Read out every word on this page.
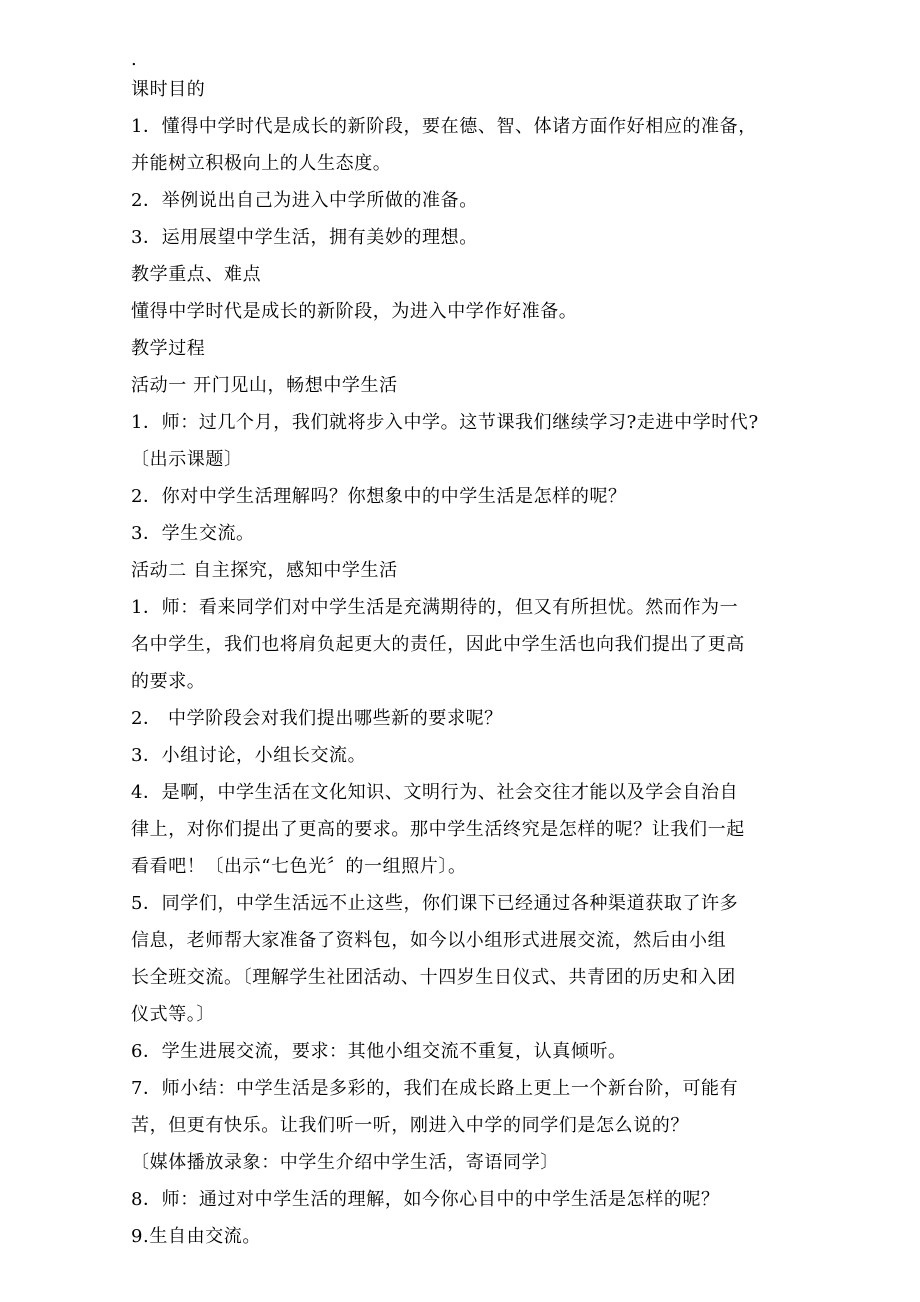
.
课时目的
1．懂得中学时代是成长的新阶段，要在德、智、体诸方面作好相应的准备，
并能树立积极向上的人生态度。
2．举例说出自己为进入中学所做的准备。
3．运用展望中学生活，拥有美妙的理想。
教学重点、难点
懂得中学时代是成长的新阶段，为进入中学作好准备。
教学过程
活动一 开门见山，畅想中学生活
1．师：过几个月，我们就将步入中学。这节课我们继续学习?走进中学时代?
〔出示课题〕
2．你对中学生活理解吗？你想象中的中学生活是怎样的呢？
3．学生交流。
活动二 自主探究，感知中学生活
1．师：看来同学们对中学生活是充满期待的，但又有所担忧。然而作为一
名中学生，我们也将肩负起更大的责任，因此中学生活也向我们提出了更高
的要求。
2． 中学阶段会对我们提出哪些新的要求呢？
3．小组讨论，小组长交流。
4．是啊，中学生活在文化知识、文明行为、社会交往才能以及学会自治自
律上，对你们提出了更高的要求。那中学生活终究是怎样的呢？让我们一起
看看吧！〔出示“七色光〞的一组照片〕。
5．同学们，中学生活远不止这些，你们课下已经通过各种渠道获取了许多
信息，老师帮大家准备了资料包，如今以小组形式进展交流，然后由小组
长全班交流。〔理解学生社团活动、十四岁生日仪式、共青团的历史和入团
仪式等。〕
6．学生进展交流，要求：其他小组交流不重复，认真倾听。
7．师小结：中学生活是多彩的，我们在成长路上更上一个新台阶，可能有
苦，但更有快乐。让我们听一听，刚进入中学的同学们是怎么说的？
〔媒体播放录象：中学生介绍中学生活，寄语同学〕
8．师：通过对中学生活的理解，如今你心目中的中学生活是怎样的呢？
9.生自由交流。
